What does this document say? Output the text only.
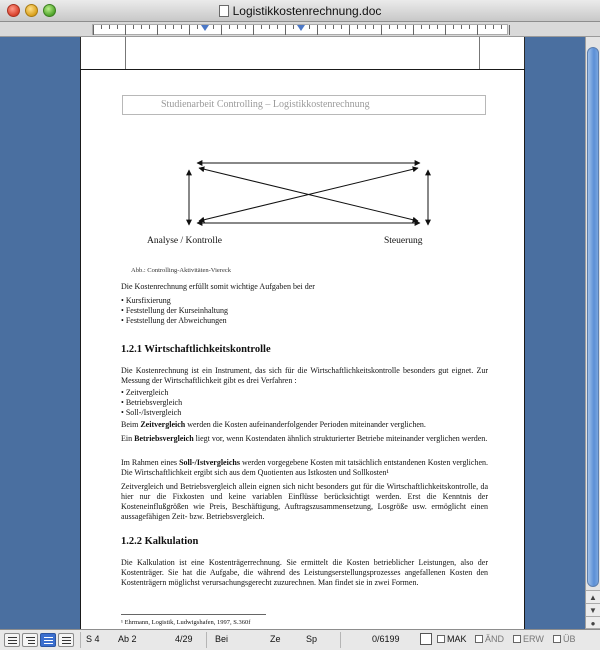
Logistikkostenrechnung.doc
Studienarbeit Controlling – Logistikkostenrechnung
Analyse / Kontrolle	Steuerung
Abb.: Controlling-Aktivitäten-Viereck
Die Kostenrechnung erfüllt somit wichtige Aufgaben bei der
• Kursfixierung
• Feststellung der Kurseinhaltung
• Feststellung der Abweichungen
1.2.1 Wirtschaftlichkeitskontrolle
Die Kostenrechnung ist ein Instrument, das sich für die Wirtschaftlichkeitskontrolle besonders gut eignet. Zur Messung der Wirtschaftlichkeit gibt es drei Verfahren :
• Zeitvergleich
• Betriebsvergleich
• Soll-/Istvergleich
Beim Zeitvergleich werden die Kosten aufeinanderfolgender Perioden miteinander verglichen.
Ein Betriebsvergleich liegt vor, wenn Kostendaten ähnlich strukturierter Betriebe miteinander verglichen werden.
Im Rahmen eines Soll-/Istvergleichs werden vorgegebene Kosten mit tatsächlich entstandenen Kosten verglichen. Die Wirtschaftlichkeit ergibt sich aus dem Quotienten aus Istkosten und Sollkosten¹
Zeitvergleich und Betriebsvergleich allein eignen sich nicht besonders gut für die Wirtschaftlichkeitskontrolle, da hier nur die Fixkosten und keine variablen Einflüsse berücksichtigt werden. Erst die Kenntnis der Kosteneinflußgrößen wie Preis, Beschäftigung, Auftragszusammensetzung, Losgröße usw. ermöglicht einen aussagefähigen Zeit- bzw. Betriebsvergleich.
1.2.2 Kalkulation
Die Kalkulation ist eine Kostenträgerrechnung. Sie ermittelt die Kosten betrieblicher Leistungen, also der Kostenträger. Sie hat die Aufgabe, die während des Leistungserstellungsprozesses angefallenen Kosten den Kostenträgern möglichst verursachungsgerecht zuzurechnen. Man findet sie in zwei Formen.
¹ Ehrmann, Logistik, Ludwigshafen, 1997, S.360f
▲
▼
●
S 4 Ab 2	4/29 Bei	Ze	Sp	0/6199	MAK	ÄND	ERW	ÜB
